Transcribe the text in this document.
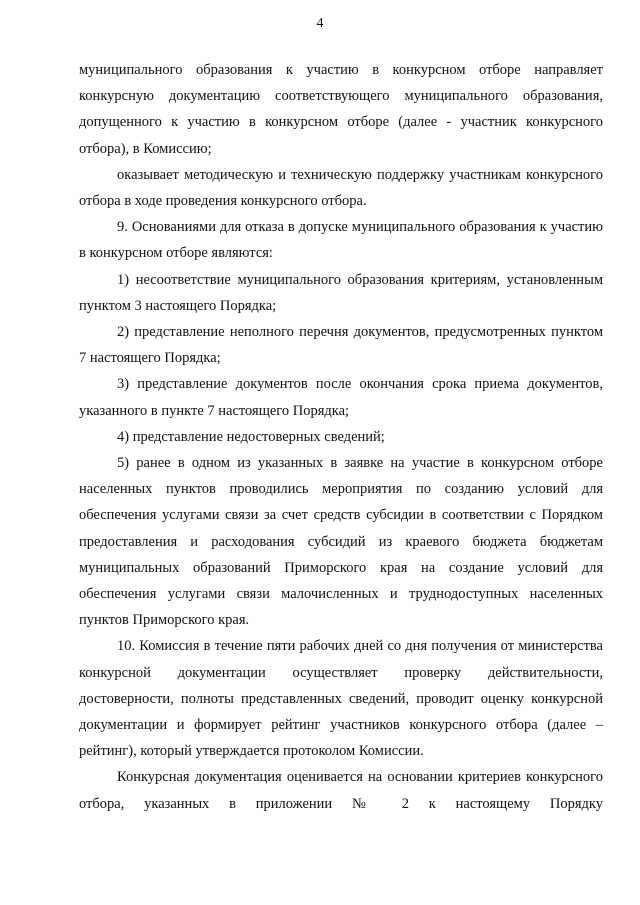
4

муниципального образования к участию в конкурсном отборе направляет конкурсную документацию соответствующего муниципального образования, допущенного к участию в конкурсном отборе (далее - участник конкурсного отбора), в Комиссию;

оказывает методическую и техническую поддержку участникам конкурсного отбора в ходе проведения конкурсного отбора.

9. Основаниями для отказа в допуске муниципального образования к участию в конкурсном отборе являются:

1) несоответствие муниципального образования критериям, установленным пунктом 3 настоящего Порядка;

2) представление неполного перечня документов, предусмотренных пунктом 7 настоящего Порядка;

3) представление документов после окончания срока приема документов, указанного в пункте 7 настоящего Порядка;

4) представление недостоверных сведений;

5) ранее в одном из указанных в заявке на участие в конкурсном отборе населенных пунктов проводились мероприятия по созданию условий для обеспечения услугами связи за счет средств субсидии в соответствии с Порядком предоставления и расходования субсидий из краевого бюджета бюджетам муниципальных образований Приморского края на создание условий для обеспечения услугами связи малочисленных и труднодоступных населенных пунктов Приморского края.

10. Комиссия в течение пяти рабочих дней со дня получения от министерства конкурсной документации осуществляет проверку действительности, достоверности, полноты представленных сведений, проводит оценку конкурсной документации и формирует рейтинг участников конкурсного отбора (далее – рейтинг), который утверждается протоколом Комиссии.

Конкурсная документация оценивается на основании критериев конкурсного отбора, указанных в приложении № 2 к настоящему Порядку
